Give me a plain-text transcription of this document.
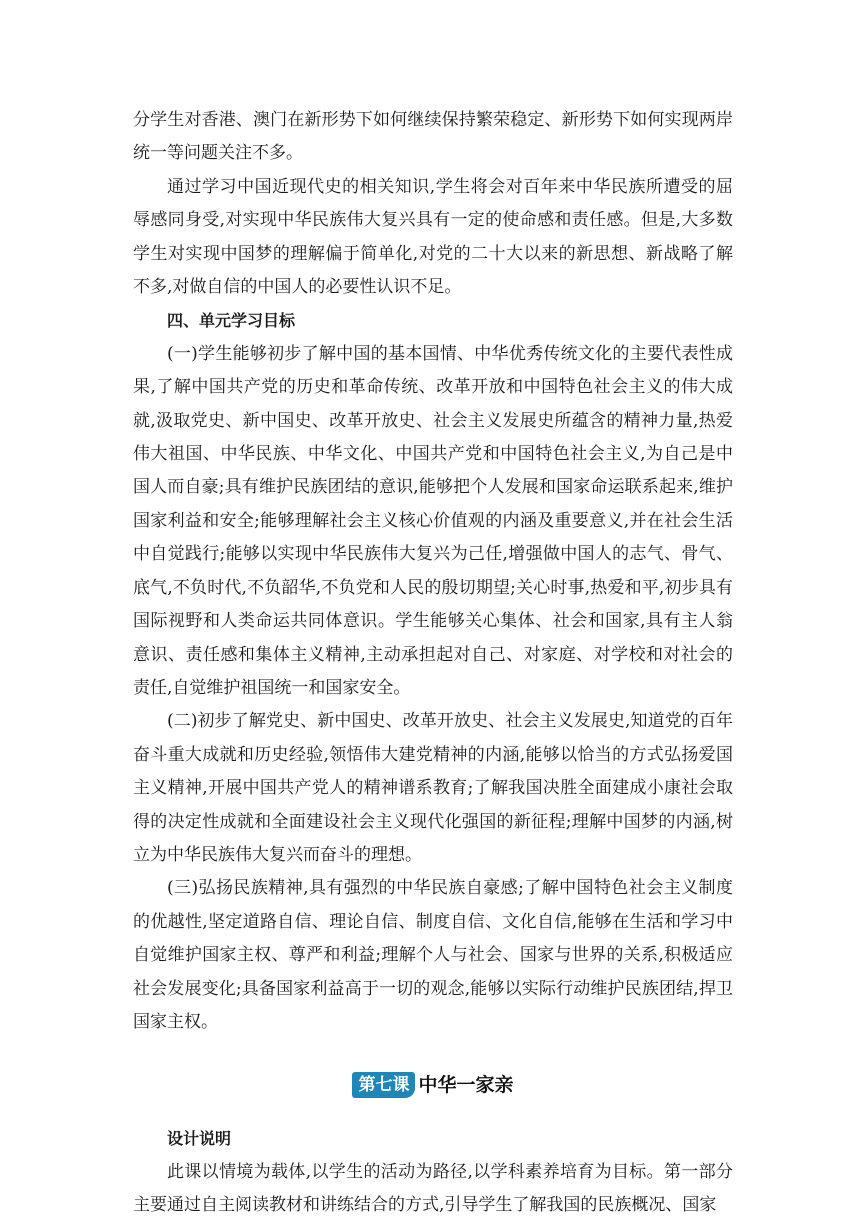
分学生对香港、澳门在新形势下如何继续保持繁荣稳定、新形势下如何实现两岸统一等问题关注不多。

通过学习中国近现代史的相关知识,学生将会对百年来中华民族所遭受的屈辱感同身受,对实现中华民族伟大复兴具有一定的使命感和责任感。但是,大多数学生对实现中国梦的理解偏于简单化,对党的二十大以来的新思想、新战略了解不多,对做自信的中国人的必要性认识不足。

四、单元学习目标

(一)学生能够初步了解中国的基本国情、中华优秀传统文化的主要代表性成果,了解中国共产党的历史和革命传统、改革开放和中国特色社会主义的伟大成就,汲取党史、新中国史、改革开放史、社会主义发展史所蕴含的精神力量,热爱伟大祖国、中华民族、中华文化、中国共产党和中国特色社会主义,为自己是中国人而自豪;具有维护民族团结的意识,能够把个人发展和国家命运联系起来,维护国家利益和安全;能够理解社会主义核心价值观的内涵及重要意义,并在社会生活中自觉践行;能够以实现中华民族伟大复兴为己任,增强做中国人的志气、骨气、底气,不负时代,不负韶华,不负党和人民的殷切期望;关心时事,热爱和平,初步具有国际视野和人类命运共同体意识。学生能够关心集体、社会和国家,具有主人翁意识、责任感和集体主义精神,主动承担起对自己、对家庭、对学校和对社会的责任,自觉维护祖国统一和国家安全。

(二)初步了解党史、新中国史、改革开放史、社会主义发展史,知道党的百年奋斗重大成就和历史经验,领悟伟大建党精神的内涵,能够以恰当的方式弘扬爱国主义精神,开展中国共产党人的精神谱系教育;了解我国决胜全面建成小康社会取得的决定性成就和全面建设社会主义现代化强国的新征程;理解中国梦的内涵,树立为中华民族伟大复兴而奋斗的理想。

(三)弘扬民族精神,具有强烈的中华民族自豪感;了解中国特色社会主义制度的优越性,坚定道路自信、理论自信、制度自信、文化自信,能够在生活和学习中自觉维护国家主权、尊严和利益;理解个人与社会、国家与世界的关系,积极适应社会发展变化;具备国家利益高于一切的观念,能够以实际行动维护民族团结,捍卫国家主权。

第七课 中华一家亲
设计说明

此课以情境为载体,以学生的活动为路径,以学科素养培育为目标。第一部分主要通过自主阅读教材和讲练结合的方式,引导学生了解我国的民族概况、国家
